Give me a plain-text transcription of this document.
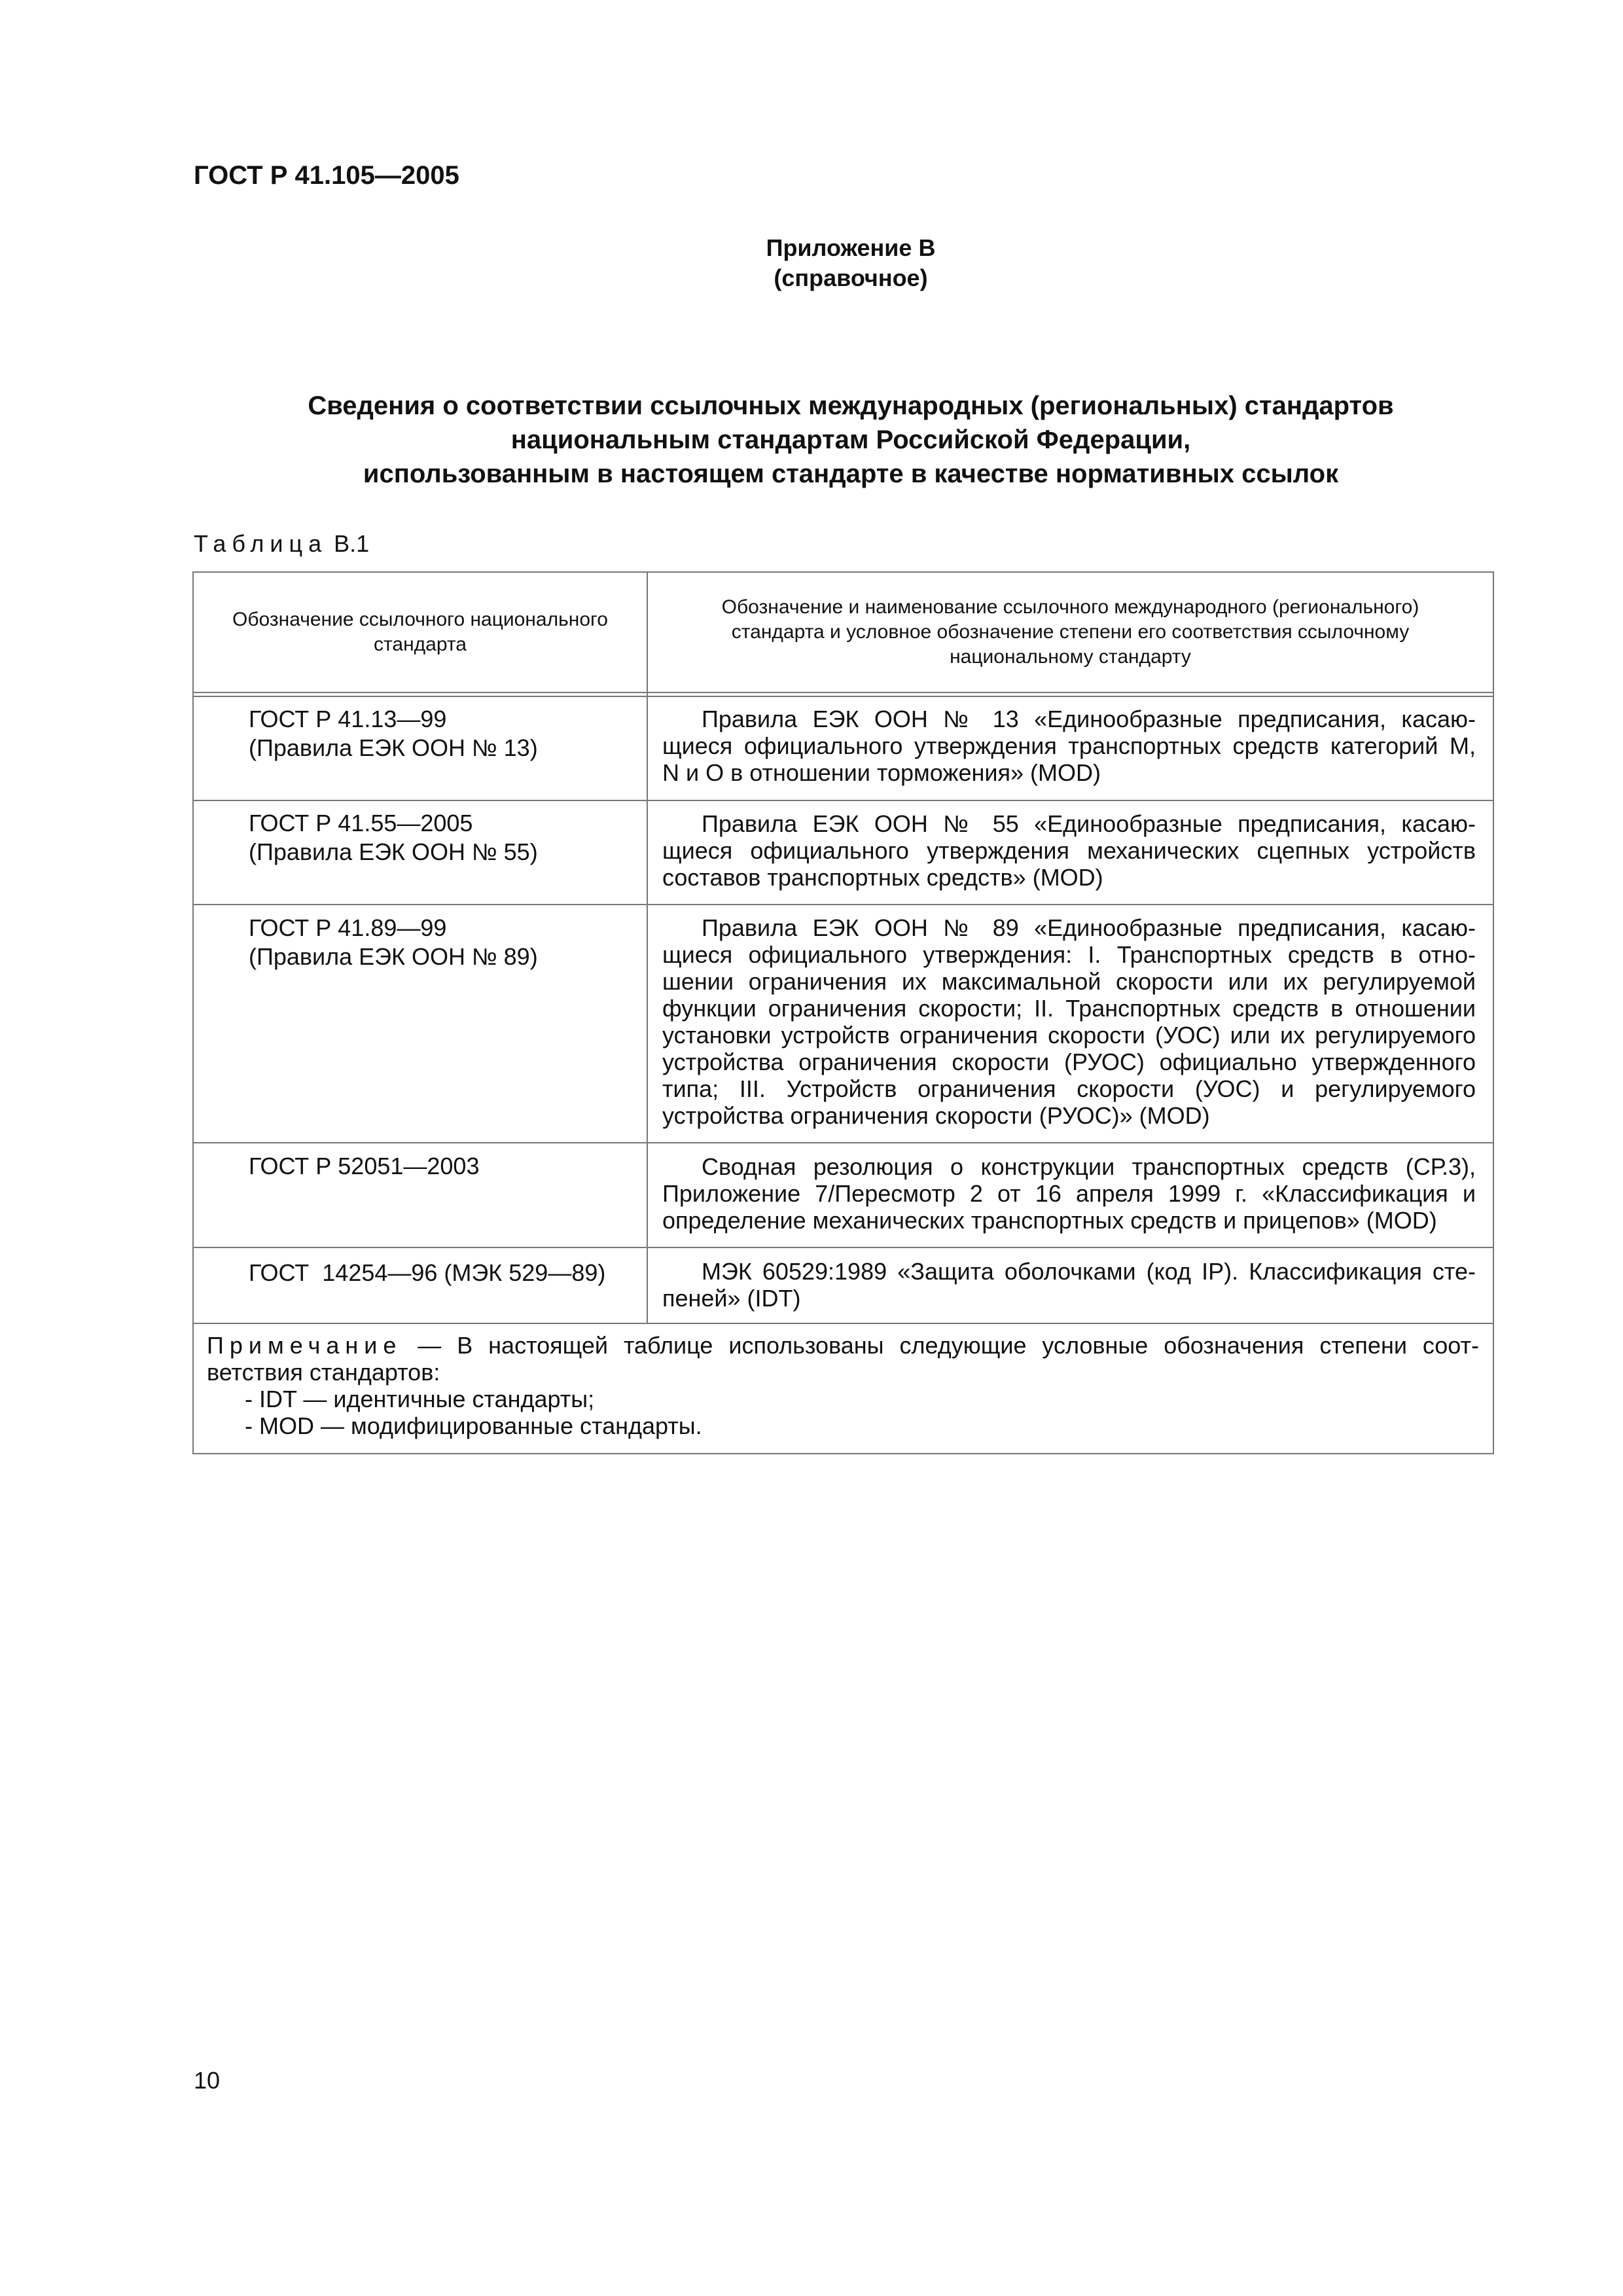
ГОСТ Р 41.105—2005
Приложение В
(справочное)
Сведения о соответствии ссылочных международных (региональных) стандартов
национальным стандартам Российской Федерации,
использованным в настоящем стандарте в качестве нормативных ссылок
Таблица В.1
Обозначение ссылочного национального
стандарта
Обозначение и наименование ссылочного международного (регионального)
стандарта и условное обозначение степени его соответствия ссылочному
национальному стандарту
ГОСТ Р 41.13—99
(Правила ЕЭК ООН № 13)
Правила ЕЭК ООН № 13 «Единообразные предписания, касаю-
щиеся официального утверждения транспортных средств категорий М,
N и О в отношении торможения» (MOD)
ГОСТ Р 41.55—2005
(Правила ЕЭК ООН № 55)
Правила ЕЭК ООН № 55 «Единообразные предписания, касаю-
щиеся официального утверждения механических сцепных устройств
составов транспортных средств» (MOD)
ГОСТ Р 41.89—99
(Правила ЕЭК ООН № 89)
Правила ЕЭК ООН № 89 «Единообразные предписания, касаю-
щиеся официального утверждения: I. Транспортных средств в отно-
шении ограничения их максимальной скорости или их регулируемой
функции ограничения скорости; II. Транспортных средств в отношении
установки устройств ограничения скорости (УОС) или их регулируемого
устройства ограничения скорости (РУОС) официально утвержденного
типа; III. Устройств ограничения скорости (УОС) и регулируемого
устройства ограничения скорости (РУОС)» (MOD)
ГОСТ Р 52051—2003	Сводная резолюция о конструкции транспортных средств (СР.3),
Приложение 7/Пересмотр 2 от 16 апреля 1999 г. «Классификация и
определение механических транспортных средств и прицепов» (MOD)
ГОСТ  14254—96 (МЭК 529—89)	МЭК 60529:1989 «Защита оболочками (код IP). Классификация сте-
пеней» (IDT)
Примечание — В настоящей таблице использованы следующие условные обозначения степени соот-
ветствия стандартов:
- IDT — идентичные стандарты;
- MOD — модифицированные стандарты.
10
